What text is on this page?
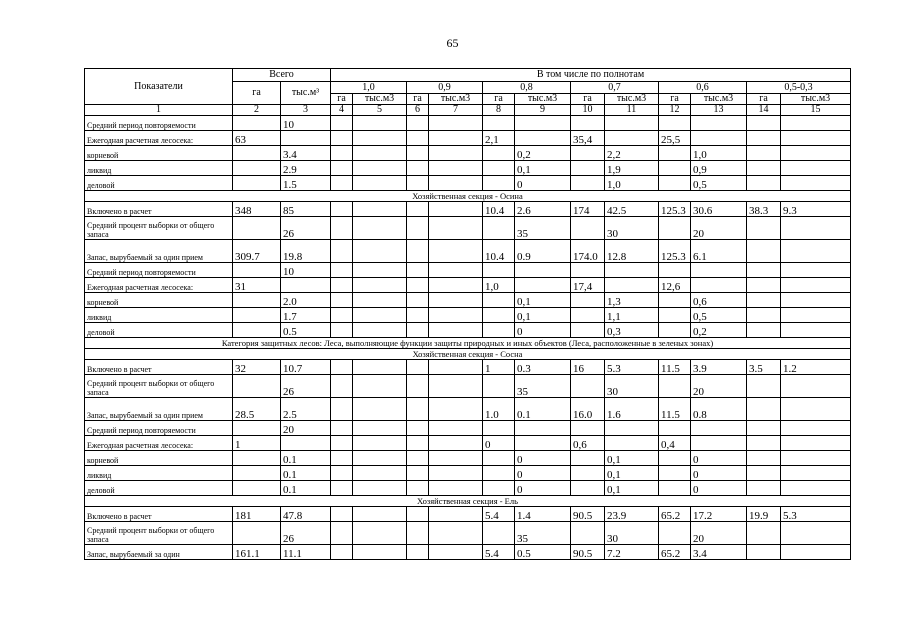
65
Показатели	Всего		В том числе по полнотам											
	га	тыс.м³	1,0		0,9		0,8		0,7		0,6		0,5-0,3	
			га	тыс.м3	га	тыс.м3	га	тыс.м3	га	тыс.м3	га	тыс.м3	га	тыс.м3
1	2	3	4	5	6	7	8	9	10	11	12	13	14	15
Средний период повторяемости		10												
Ежегодная расчетная лесосека:	63						2,1		35,4		25,5			
корневой		3.4						0,2		2,2		1,0		
ликвид		2.9						0,1		1,9		0,9		
деловой		1.5						0		1,0		0,5		
Хозяйственная секция - Осина														
Включено в расчет	348	85					10.4	2.6	174	42.5	125.3	30.6	38.3	9.3
Средний процент выборки от общего запаса		26						35		30		20		
Запас, вырубаемый за один прием	309.7	19.8					10.4	0.9	174.0	12.8	125.3	6.1		
Средний период повторяемости		10												
Ежегодная расчетная лесосека:	31						1,0		17,4		12,6			
корневой		2.0						0,1		1,3		0,6		
ликвид		1.7						0,1		1,1		0,5		
деловой		0.5						0		0,3		0,2		
Категория защитных лесов: Леса, выполняющие функции защиты природных и иных объектов (Леса, расположенные в зеленых зонах)														
Хозяйственная секция - Сосна														
Включено в расчет	32	10.7					1	0.3	16	5.3	11.5	3.9	3.5	1.2
Средний процент выборки от общего запаса		26						35		30		20		
Запас, вырубаемый за один прием	28.5	2.5					1.0	0.1	16.0	1.6	11.5	0.8		
Средний период повторяемости		20												
Ежегодная расчетная лесосека:	1						0		0,6		0,4			
корневой		0.1						0		0,1		0		
ликвид		0.1						0		0,1		0		
деловой		0.1						0		0,1		0		
Хозяйственная секция - Ель														
Включено в расчет	181	47.8					5.4	1.4	90.5	23.9	65.2	17.2	19.9	5.3
Средний процент выборки от общего запаса		26						35		30		20		
Запас, вырубаемый за один	161.1	11.1					5.4	0.5	90.5	7.2	65.2	3.4		
